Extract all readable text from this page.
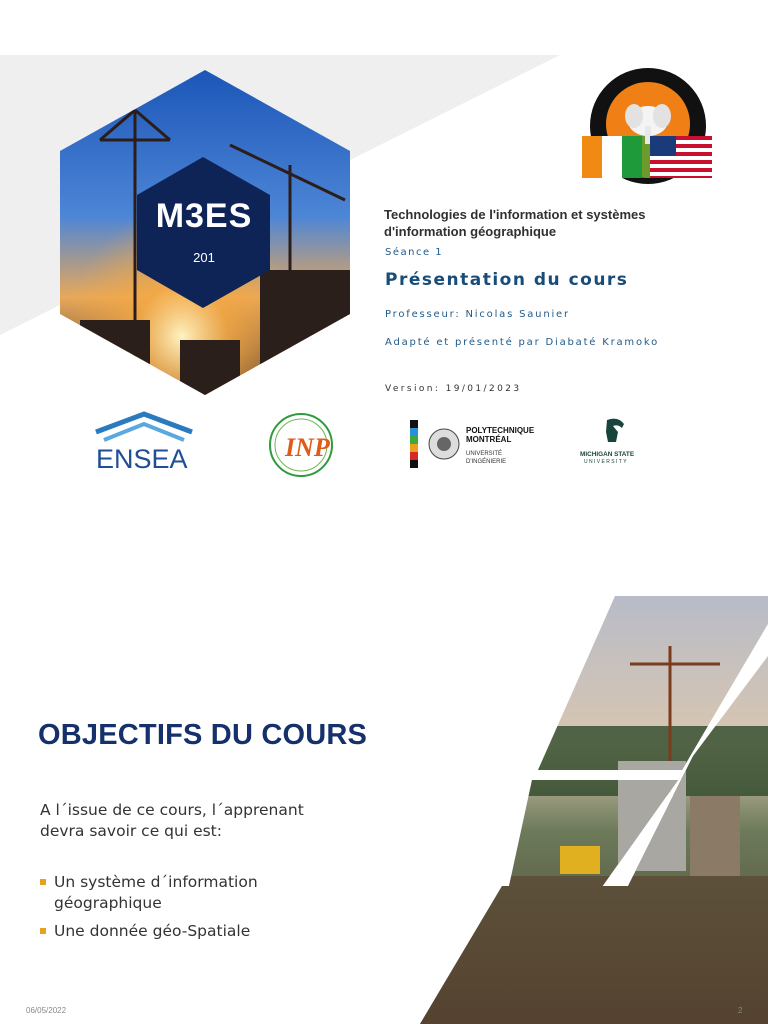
M3ES
201
Technologies de l'information et systèmes d'information géographique
Séance 1
Présentation du cours
Professeur: Nicolas Saunier
Adapté et présenté par Diabaté Kramoko
Version: 19/01/2023
ENSEA	INP
POLYTECHNIQUE
MONTRÉAL
UNIVERSITÉ
D'INGÉNIERIE
MICHIGAN STATE
UNIVERSITY
OBJECTIFS DU COURS
A l´issue de ce cours, l´apprenant devra savoir ce qui est:
Un système d´information géographique
Une donnée géo-Spatiale
06/05/2022	2
